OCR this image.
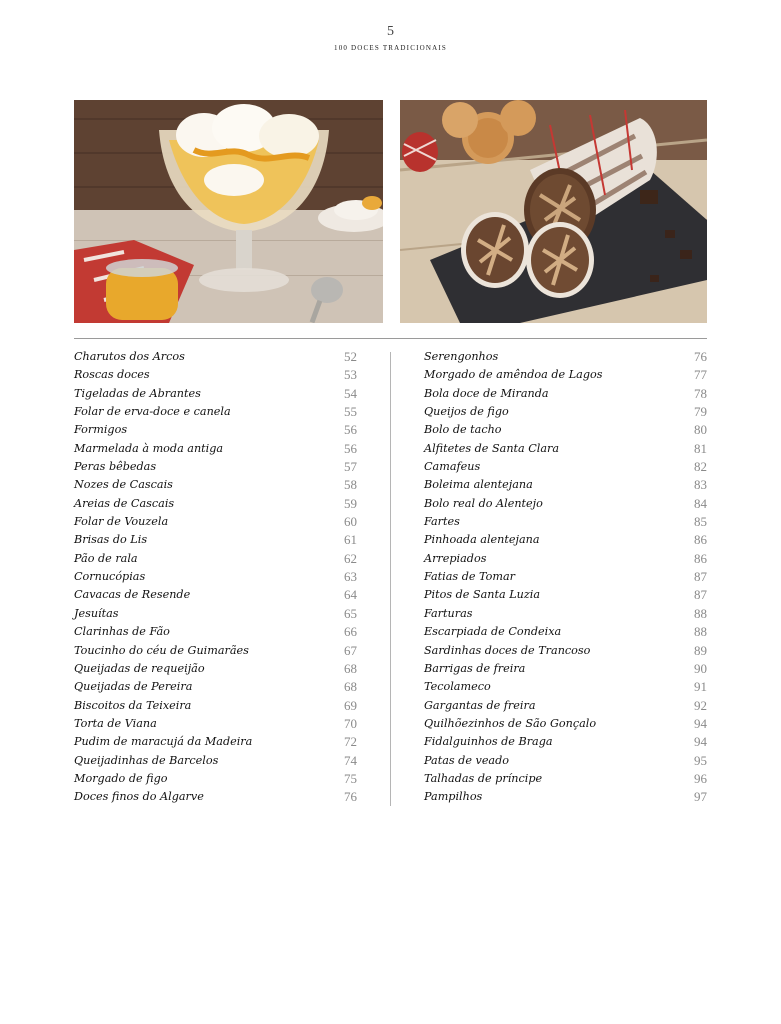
5
100 DOCES TRADICIONAIS
Charutos dos Arcos	52
Roscas doces	53
Tigeladas de Abrantes	54
Folar de erva-doce e canela	55
Formigos	56
Marmelada à moda antiga	56
Peras bêbedas	57
Nozes de Cascais	58
Areias de Cascais	59
Folar de Vouzela	60
Brisas do Lis	61
Pão de rala	62
Cornucópias	63
Cavacas de Resende	64
Jesuítas	65
Clarinhas de Fão	66
Toucinho do céu de Guimarães	67
Queijadas de requeijão	68
Queijadas de Pereira	68
Biscoitos da Teixeira	69
Torta de Viana	70
Pudim de maracujá da Madeira	72
Queijadinhas de Barcelos	74
Morgado de figo	75
Doces finos do Algarve	76
Serengonhos	76
Morgado de amêndoa de Lagos	77
Bola doce de Miranda	78
Queijos de figo	79
Bolo de tacho	80
Alfitetes de Santa Clara	81
Camafeus	82
Boleima alentejana	83
Bolo real do Alentejo	84
Fartes	85
Pinhoada alentejana	86
Arrepiados	86
Fatias de Tomar	87
Pitos de Santa Luzia	87
Farturas	88
Escarpiada de Condeixa	88
Sardinhas doces de Trancoso	89
Barrigas de freira	90
Tecolameco	91
Gargantas de freira	92
Quilhõezinhos de São Gonçalo	94
Fidalguinhos de Braga	94
Patas de veado	95
Talhadas de príncipe	96
Pampilhos	97
